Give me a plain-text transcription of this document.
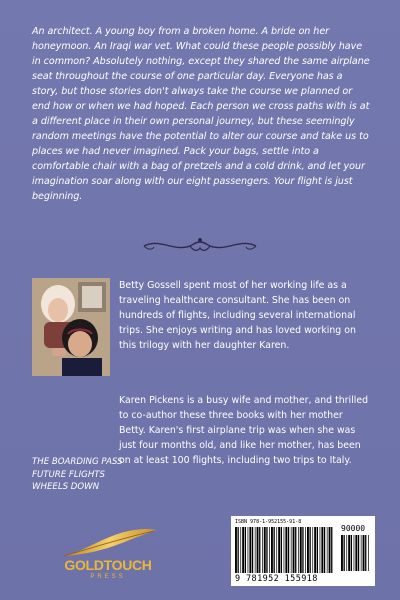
An architect. A young boy from a broken home. A bride on her honeymoon. An Iraqi war vet. What could these people possibly have in common? Absolutely nothing, except they shared the same airplane seat throughout the course of one particular day. Everyone has a story, but those stories don't always take the course we planned or end how or when we had hoped. Each person we cross paths with is at a different place in their own personal journey, but these seemingly random meetings have the potential to alter our course and take us to places we had never imagined. Pack your bags, settle into a comfortable chair with a bag of pretzels and a cold drink, and let your imagination soar along with our eight passengers. Your flight is just beginning.

Betty Gossell spent most of her working life as a traveling healthcare consultant. She has been on hundreds of flights, including several international trips. She enjoys writing and has loved working on this trilogy with her daughter Karen.

Karen Pickens is a busy wife and mother, and thrilled to co-author these three books with her mother Betty. Karen's first airplane trip was when she was just four months old, and like her mother, has been on at least 100 flights, including two trips to Italy.

THE BOARDING PASS
FUTURE FLIGHTS
WHEELS DOWN

GOLDTOUCH

PRESS

ISBN 978-1-952155-91-8

90000

9 781952 155918
